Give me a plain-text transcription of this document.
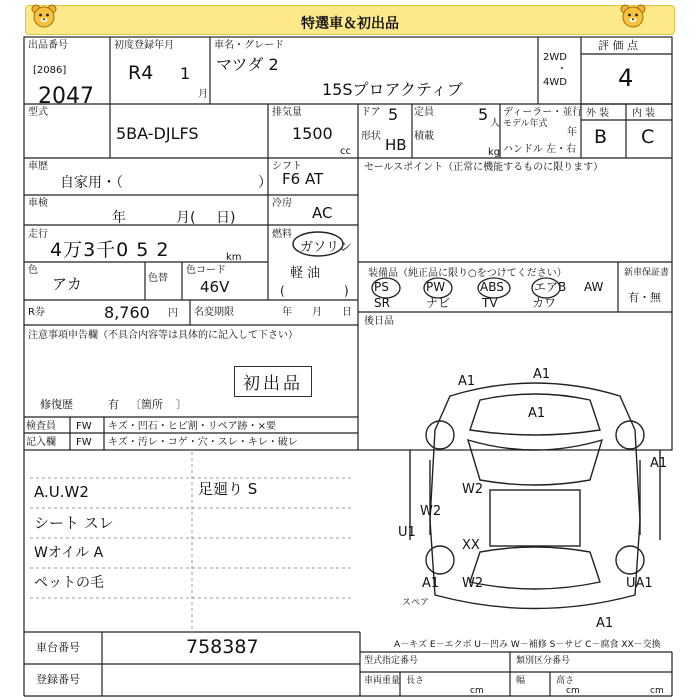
特選車＆初出品
出品番号
[2086]
2047
初度登録年月
R4 1
月
車名・グレード
マツダ 2
15Sプロアクティブ
2WD
・
4WD
評 価 点
4
型式
5BA-DJLFS
排気量
1500
cc
ドア 5 定員	5 人
形状 HB 積載
kg
ディーラー・並行
モデル年式
年
ハンドル 左・右
外 装 内 装
B C
車歴
自家用・（	）
シフト
F6 AT
車検
年	月( 日)
冷房
AC
走行
4万3千0 5 2	km
燃料
ガソリン
軽 油
色
アカ	色替
色コード
46V	(	)
R券	8,760 円 名変期限	年 月 日
注意事項申告欄（不具合内容等は具体的に記入して下さい）
初出品
修復歴	有 〔箇所 〕
検査員 FW キズ・凹石・ヒビ割・リペア跡・×要
記入欄 FW キズ・汚レ・コゲ・穴・スレ・キレ・破レ
セールスポイント（正常に機能するものに限ります）
装備品（純正品に限り○をつけてください）
PS	PW	ABS	エアB AW
SR	ナビ	TV	カワ
新車保証書
有・無
後日品
A1	A1
A1
A1
W2
W2
U1
XX
W2
A1	UA1
A1
スペア
A.U.W2
シート スレ
Wオイル A
ペットの毛
足廻り S
車台番号	758387
登録番号
A－キズ E－エクボ U－凹み W－補修 S－サビ C－腐食 XX－交換
型式指定番号	類別区分番号
車両重量 長さ
cm
幅	高さ
cm	cm
